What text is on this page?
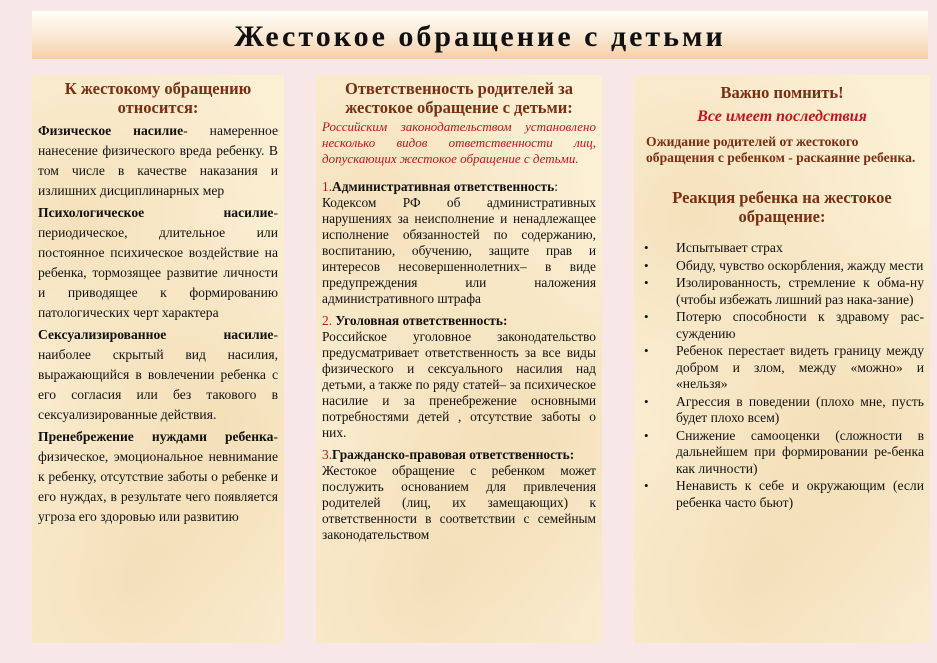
Жестокое обращение с детьми
К жестокому обращению относится:

Физическое насилие- намеренное нанесение физического вреда ребенку. В том числе в качестве наказания и излишних дисциплинарных мер

Психологическое насилие- периодическое, длительное или постоянное психическое воздействие на ребенка, тормозящее развитие личности и приводящее к формированию патологических черт характера

Сексуализированное насилие- наиболее скрытый вид насилия, выражающийся в вовлечении ребенка с его согласия или без такового в сексуализированные действия.

Пренебрежение нуждами ребенка- физическое, эмоциональное невнимание к ребенку, отсутствие заботы о ребенке и его нуждах, в результате чего появляется угроза его здоровью или развитию

Ответственность родителей за жестокое обращение с детьми:

Российским законодательством установлено несколько видов ответственности лиц, допускающих жестокое обращение с детьми.

1.Административная ответственность:

Кодексом РФ об административных нарушениях за неисполнение и ненадлежащее исполнение обязанностей по содержанию, воспитанию, обучению, защите прав и интересов несовершеннолетних– в виде предупреждения или наложения административного штрафа

2. Уголовная ответственность:

Российское уголовное законодательство предусматривает ответственность за все виды физического и сексуального насилия над детьми, а также по ряду статей– за психическое насилие и за пренебрежение основными потребностями детей , отсутствие заботы о них.

3.Гражданско-правовая ответственность:

Жестокое обращение с ребенком может послужить основанием для привлечения родителей (лиц, их замещающих) к ответственности в соответствии с семейным законодательством

Важно помнить!
Все имеет последствия

Ожидание родителей от жестокого обращения с ребенком - раскаяние ребенка.

Реакция ребенка на жестокое обращение:
• Испытывает страх
• Обиду, чувство оскорбления, жажду мести
• Изолированность, стремление к обма-ну (чтобы избежать лишний раз нака-зание)
• Потерю способности к здравому рас-суждению
• Ребенок перестает видеть границу между добром и злом, между «можно» и «нельзя»
• Агрессия в поведении (плохо мне, пусть будет плохо всем)
• Снижение самооценки (сложности в дальнейшем при формировании ре-бенка как личности)
• Ненависть к себе и окружающим (если ребенка часто бьют)
